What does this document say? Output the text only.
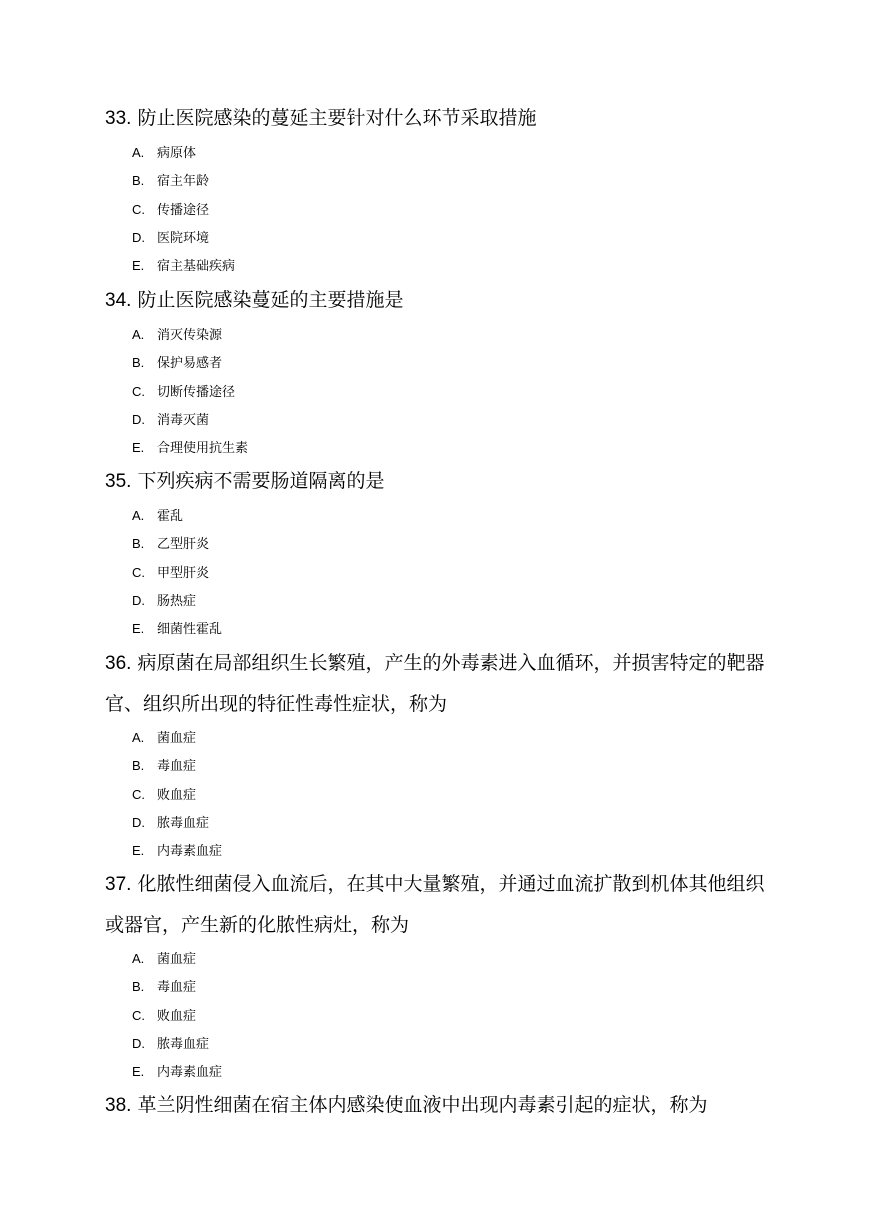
33. 防止医院感染的蔓延主要针对什么环节采取措施

A. 病原体
B. 宿主年龄
C. 传播途径
D. 医院环境
E. 宿主基础疾病

34. 防止医院感染蔓延的主要措施是

A. 消灭传染源
B. 保护易感者
C. 切断传播途径
D. 消毒灭菌
E. 合理使用抗生素

35. 下列疾病不需要肠道隔离的是

A. 霍乱
B. 乙型肝炎
C. 甲型肝炎
D. 肠热症
E. 细菌性霍乱

36. 病原菌在局部组织生长繁殖，产生的外毒素进入血循环，并损害特定的靶器官、组织所出现的特征性毒性症状，称为

A. 菌血症
B. 毒血症
C. 败血症
D. 脓毒血症
E. 内毒素血症

37. 化脓性细菌侵入血流后，在其中大量繁殖，并通过血流扩散到机体其他组织或器官，产生新的化脓性病灶，称为

A. 菌血症
B. 毒血症
C. 败血症
D. 脓毒血症
E. 内毒素血症

38. 革兰阴性细菌在宿主体内感染使血液中出现内毒素引起的症状，称为
